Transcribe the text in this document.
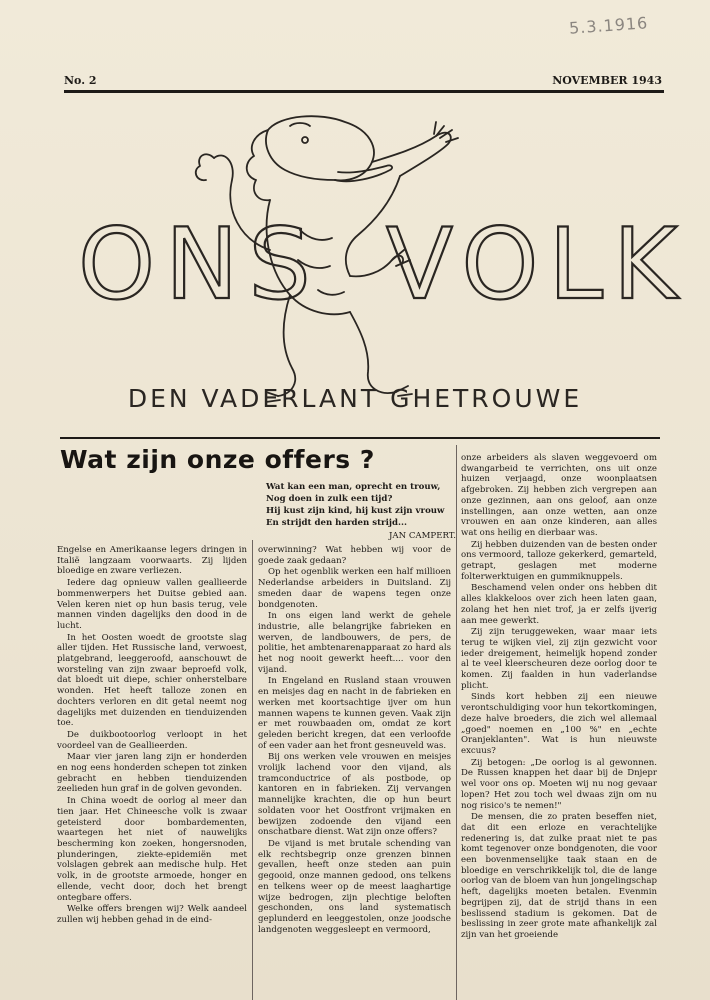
5.3.1916
No. 2	NOVEMBER 1943
ONS VOLK
DEN VADERLANT GHETROUWE
Wat zijn onze offers ?
Wat kan een man, oprecht en trouw,
Nog doen in zulk een tijd?
Hij kust zijn kind, hij kust zijn vrouw
En strijdt den harden strijd...
JAN CAMPERT.

Engelse en Amerikaanse legers dringen in Italië langzaam voorwaarts. Zij lijden bloedige en zware verliezen.

Iedere dag opnieuw vallen geallieerde bommenwerpers het Duitse gebied aan. Velen keren niet op hun basis terug, vele mannen vinden dagelijks den dood in de lucht.

In het Oosten woedt de grootste slag aller tijden. Het Russische land, verwoest, platgebrand, leeggeroofd, aanschouwt de worsteling van zijn zwaar beproefd volk, dat bloedt uit diepe, schier onherstelbare wonden. Het heeft talloze zonen en dochters verloren en dit getal neemt nog dagelijks met duizenden en tienduizenden toe.

De duikbootoorlog verloopt in het voordeel van de Geallieerden.

Maar vier jaren lang zijn er honderden en nog eens honderden schepen tot zinken gebracht en hebben tienduizenden zeelieden hun graf in de golven gevonden.

In China woedt de oorlog al meer dan tien jaar. Het Chineesche volk is zwaar geteisterd door bombardementen, waartegen het niet of nauwelijks bescherming kon zoeken, hongersnoden, plunderingen, ziekte-epidemiën met volslagen gebrek aan medische hulp. Het volk, in de grootste armoede, honger en ellende, vecht door, doch het brengt ontegbare offers.

Welke offers brengen wij? Welk aandeel zullen wij hebben gehad in de eind-

overwinning? Wat hebben wij voor de goede zaak gedaan?

Op het ogenblik werken een half millioen Nederlandse arbeiders in Duitsland. Zij smeden daar de wapens tegen onze bondgenoten.

In ons eigen land werkt de gehele industrie, alle belangrijke fabrieken en werven, de landbouwers, de pers, de politie, het ambtenarenapparaat zo hard als het nog nooit gewerkt heeft.... voor den vijand.

In Engeland en Rusland staan vrouwen en meisjes dag en nacht in de fabrieken en werken met koortsachtige ijver om hun mannen wapens te kunnen geven. Vaak zijn er met rouwbaaden om, omdat ze kort geleden bericht kregen, dat een verloofde of een vader aan het front gesneuveld was.

Bij ons werken vele vrouwen en meisjes vrolijk lachend voor den vijand, als tramconductrice of als postbode, op kantoren en in fabrieken. Zij vervangen mannelijke krachten, die op hun beurt soldaten voor het Oostfront vrijmaken en bewijzen zodoende den vijand een onschatbare dienst. Wat zijn onze offers?

De vijand is met brutale schending van elk rechtsbegrip onze grenzen binnen gevallen, heeft onze steden aan puin gegooid, onze mannen gedood, ons telkens en telkens weer op de meest laaghartige wijze bedrogen, zijn plechtige beloften geschonden, ons land systematisch geplunderd en leeggestolen, onze joodsche landgenoten weggesleept en vermoord,

onze arbeiders als slaven weggevoerd om dwangarbeid te verrichten, ons uit onze huizen verjaagd, onze woonplaatsen afgebroken. Zij hebben zich vergrepen aan onze gezinnen, aan ons geloof, aan onze instellingen, aan onze wetten, aan onze vrouwen en aan onze kinderen, aan alles wat ons heilig en dierbaar was.

Zij hebben duizenden van de besten onder ons vermoord, talloze gekerkerd, gemarteld, getrapt, geslagen met moderne folterwerktuigen en gummiknuppels.

Beschamend velen onder ons hebben dit alles klakkeloos over zich heen laten gaan, zolang het hen niet trof, ja er zelfs ijverig aan mee gewerkt.

Zij zijn teruggeweken, waar maar iets terug te wijken viel, zij zijn gezwicht voor ieder dreigement, heimelijk hopend zonder al te veel kleerscheuren deze oorlog door te komen. Zij faalden in hun vaderlandse plicht.

Sinds kort hebben zij een nieuwe verontschuldiging voor hun tekortkomingen, deze halve broeders, die zich wel allemaal „goed" noemen en „100 %" en „echte Oranjeklanten". Wat is hun nieuwste excuus?

Zij betogen: „De oorlog is al gewonnen. De Russen knappen het daar bij de Dnjepr wel voor ons op. Moeten wij nu nog gevaar lopen? Het zou toch wel dwaas zijn om nu nog risico's te nemen!"

De mensen, die zo praten beseffen niet, dat dit een erloze en verachtelijke redenering is, dat zulke praat niet te pas komt tegenover onze bondgenoten, die voor een bovenmenselijke taak staan en de bloedige en verschrikkelijk tol, die de lange oorlog van de bloem van hun jongelingschap heft, dagelijks moeten betalen. Evenmin begrijpen zij, dat de strijd thans in een beslissend stadium is gekomen. Dat de beslissing in zeer grote mate afhankelijk zal zijn van het groeiende
